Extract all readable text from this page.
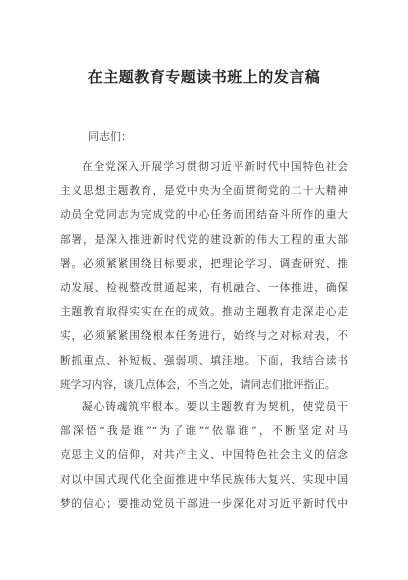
在主题教育专题读书班上的发言稿
同志们：
在全党深入开展学习贯彻习近平新时代中国特色社会
主义思想主题教育，是党中央为全面贯彻党的二十大精神
动员全党同志为完成党的中心任务而团结奋斗所作的重大
部署，是深入推进新时代党的建设新的伟大工程的重大部
署。必须紧紧围绕目标要求，把理论学习、调查研究、推
动发展、检视整改贯通起来，有机融合、一体推进，确保
主题教育取得实实在在的成效。推动主题教育走深走心走
实，必须紧紧围绕根本任务进行，始终与之对标对表，不
断抓重点、补短板、强弱项、填洼地。下面，我结合读书
班学习内容，谈几点体会，不当之处，请同志们批评指正。
凝心铸魂筑牢根本。要以主题教育为契机，使党员干
部深悟“我是谁”“为了谁”“依靠谁”，不断坚定对马
克思主义的信仰，对共产主义、中国特色社会主义的信念
对以中国式现代化全面推进中华民族伟大复兴、实现中国
梦的信心；要推动党员干部进一步深化对习近平新时代中
